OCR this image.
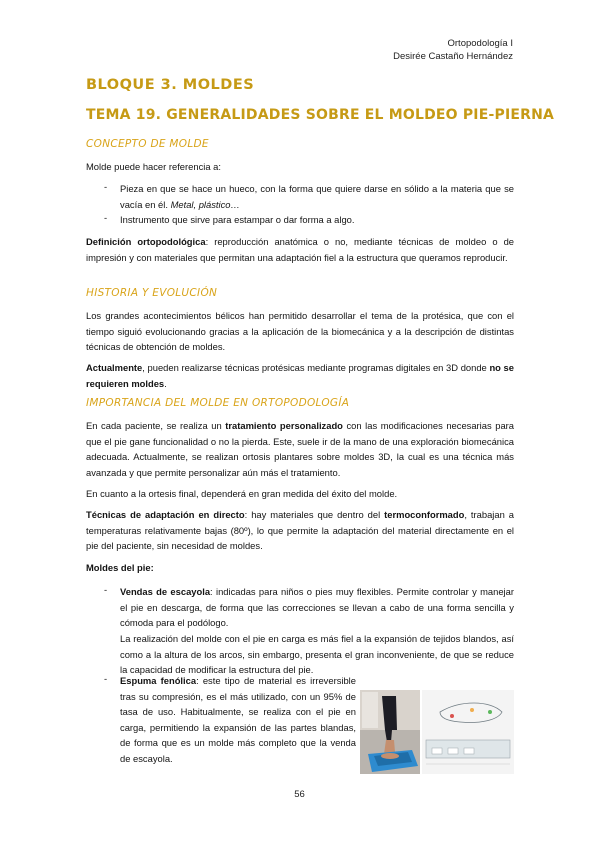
Ortopodología I
Desirée Castaño Hernández
BLOQUE 3. MOLDES
TEMA 19. GENERALIDADES SOBRE EL MOLDEO PIE-PIERNA
CONCEPTO DE MOLDE
Molde puede hacer referencia a:
- Pieza en que se hace un hueco, con la forma que quiere darse en sólido a la materia que se vacía en él. Metal, plástico…
- Instrumento que sirve para estampar o dar forma a algo.
Definición ortopodológica: reproducción anatómica o no, mediante técnicas de moldeo o de impresión y con materiales que permitan una adaptación fiel a la estructura que queramos reproducir.
HISTORIA Y EVOLUCIÓN
Los grandes acontecimientos bélicos han permitido desarrollar el tema de la protésica, que con el tiempo siguió evolucionando gracias a la aplicación de la biomecánica y a la descripción de distintas técnicas de obtención de moldes.
Actualmente, pueden realizarse técnicas protésicas mediante programas digitales en 3D donde no se requieren moldes.
IMPORTANCIA DEL MOLDE EN ORTOPODOLOGÍA
En cada paciente, se realiza un tratamiento personalizado con las modificaciones necesarias para que el pie gane funcionalidad o no la pierda. Este, suele ir de la mano de una exploración biomecánica adecuada. Actualmente, se realizan ortosis plantares sobre moldes 3D, la cual es una técnica más avanzada y que permite personalizar aún más el tratamiento.
En cuanto a la ortesis final, dependerá en gran medida del éxito del molde.
Técnicas de adaptación en directo: hay materiales que dentro del termoconformado, trabajan a temperaturas relativamente bajas (80º), lo que permite la adaptación del material directamente en el pie del paciente, sin necesidad de moldes.
Moldes del pie:
- Vendas de escayola: indicadas para niños o pies muy flexibles. Permite controlar y manejar el pie en descarga, de forma que las correcciones se llevan a cabo de una forma sencilla y cómoda para el podólogo.
La realización del molde con el pie en carga es más fiel a la expansión de tejidos blandos, así como a la altura de los arcos, sin embargo, presenta el gran inconveniente, de que se reduce la capacidad de modificar la estructura del pie.
- Espuma fenólica: este tipo de material es irreversible tras su compresión, es el más utilizado, con un 95% de tasa de uso. Habitualmente, se realiza con el pie en carga, permitiendo la expansión de las partes blandas, de forma que es un molde más completo que la venda de escayola.
56
